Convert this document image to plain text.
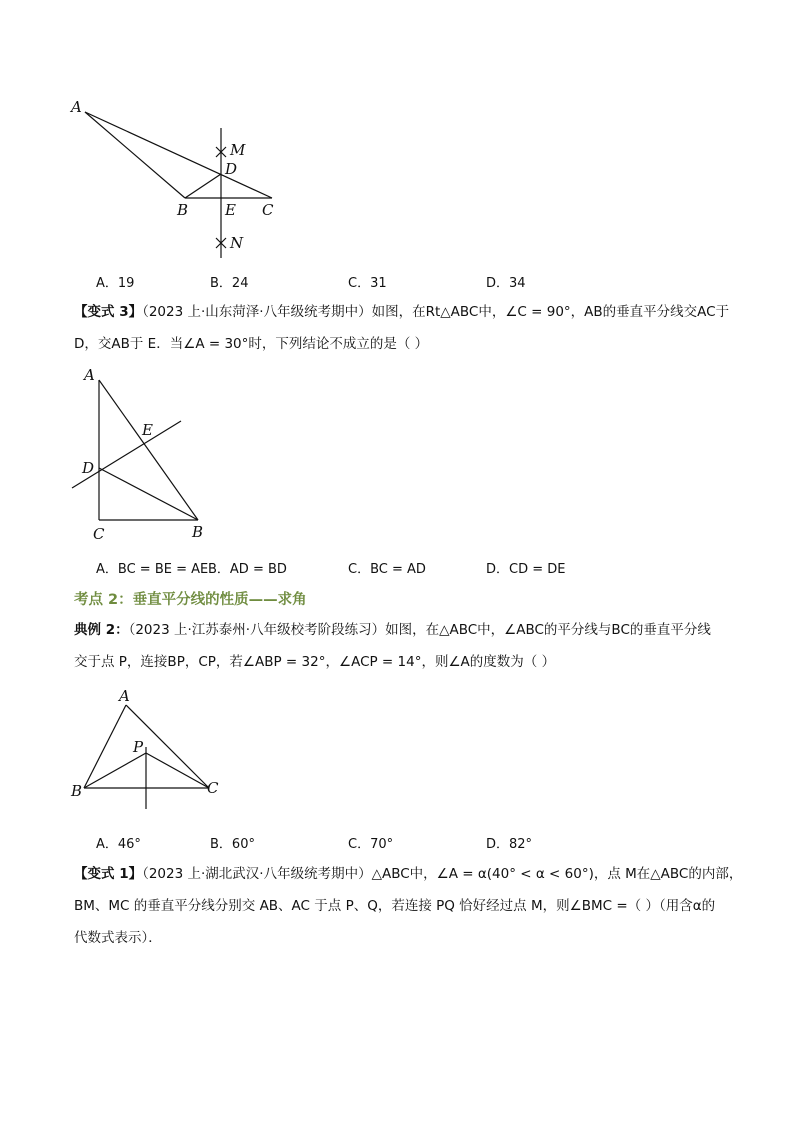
A
M
D
B E C
N
A．19	B．24	C．31	D．34
【变式 3】（2023 上·山东菏泽·八年级统考期中）如图，在Rt△ABC中，∠C = 90°，AB的垂直平分线交AC于
D，交AB于 E．当∠A = 30°时，下列结论不成立的是（ ）
A
E
D
C	B
A．BC = BE = AE B．AD = BD	C．BC = AD	D．CD = DE
考点 2：垂直平分线的性质——求角
典例 2：（2023 上·江苏泰州·八年级校考阶段练习）如图，在△ABC中，∠ABC的平分线与BC的垂直平分线
交于点 P，连接BP，CP，若∠ABP = 32°，∠ACP = 14°，则∠A的度数为（ ）
A
P
B	C
A．46°	B．60°	C．70°	D．82°
【变式 1】（2023 上·湖北武汉·八年级统考期中）△ABC中，∠A = α(40° < α < 60°)，点 M在△ABC的内部，
BM、MC 的垂直平分线分别交 AB、AC 于点 P、Q，若连接 PQ 恰好经过点 M，则∠BMC =（ ）（用含α的
代数式表示）．
